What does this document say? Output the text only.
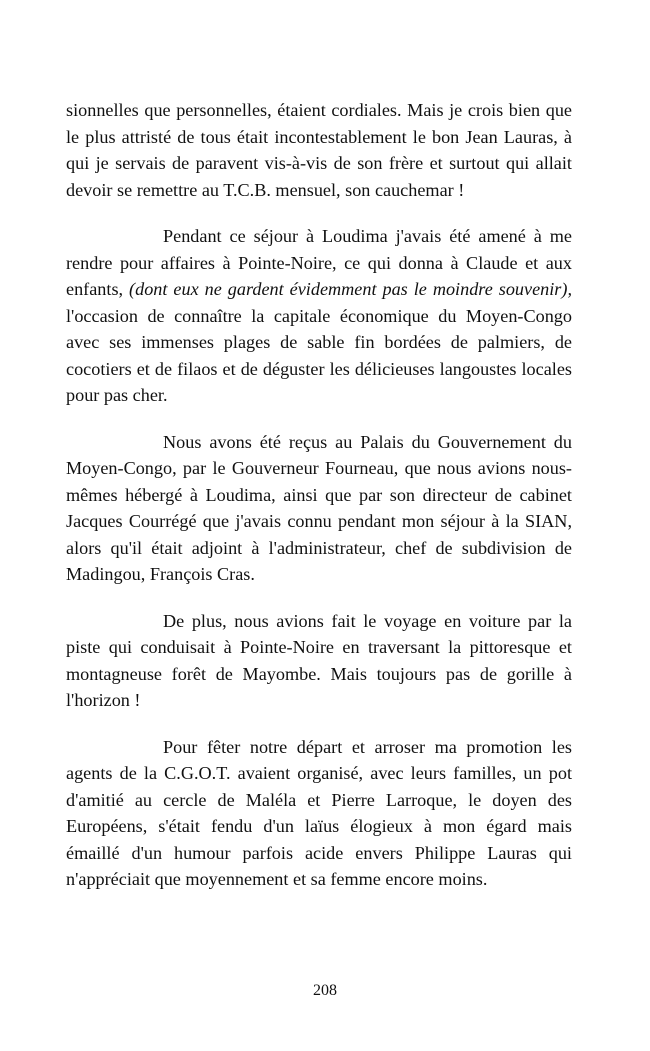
sionnelles que personnelles, étaient cordiales. Mais je crois bien que le plus attristé de tous était incontestablement le bon Jean Lauras, à qui je servais de paravent vis-à-vis de son frère et surtout qui allait devoir se remettre au T.C.B. mensuel, son cauchemar !

Pendant ce séjour à Loudima j'avais été amené à me rendre pour affaires à Pointe-Noire, ce qui donna à Claude et aux enfants, (dont eux ne gardent évidemment pas le moindre souvenir), l'occasion de connaître la capitale économique du Moyen-Congo avec ses immenses plages de sable fin bordées de palmiers, de cocotiers et de filaos et de déguster les délicieuses langoustes locales pour pas cher.

Nous avons été reçus au Palais du Gouvernement du Moyen-Congo, par le Gouverneur Fourneau, que nous avions nous-mêmes hébergé à Loudima, ainsi que par son directeur de cabinet Jacques Courrégé que j'avais connu pendant mon séjour à la SIAN, alors qu'il était adjoint à l'administrateur, chef de subdivision de Madingou, François Cras.

De plus, nous avions fait le voyage en voiture par la piste qui conduisait à Pointe-Noire en traversant la pittoresque et montagneuse forêt de Mayombe. Mais toujours pas de gorille à l'horizon !

Pour fêter notre départ et arroser ma promotion les agents de la C.G.O.T. avaient organisé, avec leurs familles, un pot d'amitié au cercle de Maléla et Pierre Larroque, le doyen des Européens, s'était fendu d'un laïus élogieux à mon égard mais émaillé d'un humour parfois acide envers Philippe Lauras qui n'appréciait que moyennement et sa femme encore moins.

208
